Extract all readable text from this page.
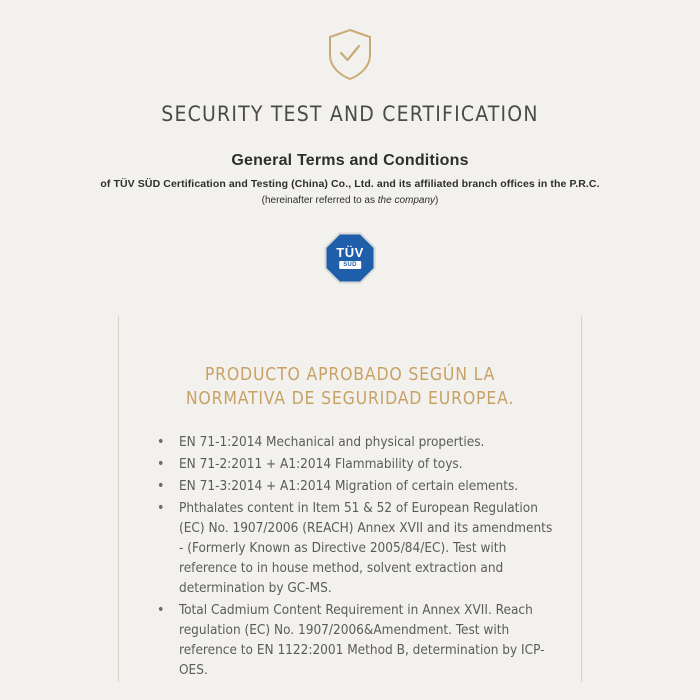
SECURITY TEST AND CERTIFICATION
General Terms and Conditions
of TÜV SÜD Certification and Testing (China) Co., Ltd. and its affiliated branch offices in the P.R.C.
(hereinafter referred to as the company)
TÜV
SÜD
PRODUCTO APROBADO SEGÚN LA
NORMATIVA DE SEGURIDAD EUROPEA.
• EN 71-1:2014 Mechanical and physical properties.
• EN 71-2:2011 + A1:2014 Flammability of toys.
• EN 71-3:2014 + A1:2014 Migration of certain elements.
• Phthalates content in Item 51 & 52 of European Regulation (EC) No. 1907/2006 (REACH) Annex XVII and its amendments - (Formerly Known as Directive 2005/84/EC). Test with reference to in house method, solvent extraction and determination by GC-MS.
• Total Cadmium Content Requirement in Annex XVII. Reach regulation (EC) No. 1907/2006&Amendment. Test with reference to EN 1122:2001 Method B, determination by ICP-OES.
